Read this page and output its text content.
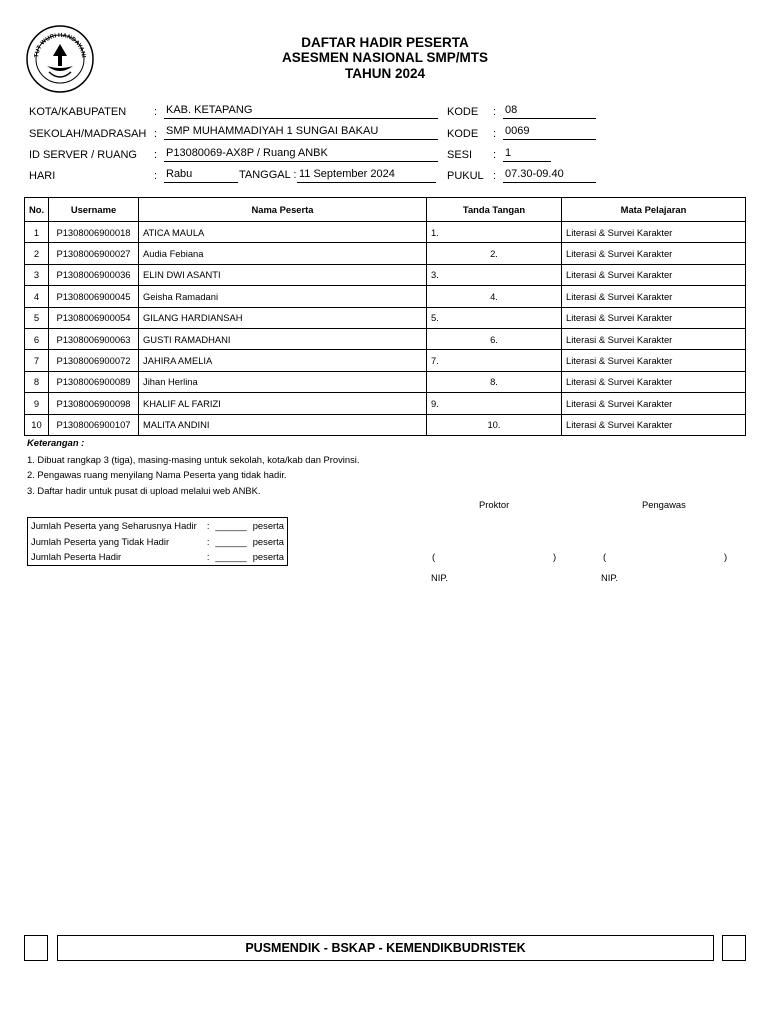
TUT WURI HANDAYANI
DAFTAR HADIR PESERTA
ASESMEN NASIONAL SMP/MTS
TAHUN 2024
KOTA/KABUPATEN	: KAB. KETAPANG
SEKOLAH/MADRASAH : SMP MUHAMMADIYAH 1 SUNGAI BAKAU
ID SERVER / RUANG : P13080069-AX8P / Ruang ANBK
HARI	: Rabu	TANGGAL : 11 September 2024
KODE : 08
KODE : 0069
SESI : 1
PUKUL : 07.30-09.40
No.	Username	Nama Peserta	Tanda Tangan	Mata Pelajaran
1	P1308006900018	ATICA MAULA	1.	Literasi & Survei Karakter
2	P1308006900027	Audia Febiana	2.	Literasi & Survei Karakter
3	P1308006900036	ELIN DWI ASANTI	3.	Literasi & Survei Karakter
4	P1308006900045	Geisha Ramadani	4.	Literasi & Survei Karakter
5	P1308006900054	GILANG HARDIANSAH	5.	Literasi & Survei Karakter
6	P1308006900063	GUSTI RAMADHANI	6.	Literasi & Survei Karakter
7	P1308006900072	JAHIRA AMELIA	7.	Literasi & Survei Karakter
8	P1308006900089	Jihan Herlina	8.	Literasi & Survei Karakter
9	P1308006900098	KHALIF AL FARIZI	9.	Literasi & Survei Karakter
10	P1308006900107	MALITA ANDINI	10.	Literasi & Survei Karakter
Keterangan :
1. Dibuat rangkap 3 (tiga), masing-masing untuk sekolah, kota/kab dan Provinsi.
2. Pengawas ruang menyilang Nama Peserta yang tidak hadir.
3. Daftar hadir untuk pusat di upload melalui web ANBK.
Jumlah Peserta yang Seharusnya Hadir	:	______	peserta
Jumlah Peserta yang Tidak Hadir	:	______	peserta
Jumlah Peserta Hadir	:	______	peserta
Proktor	Pengawas
(	)	(	)
NIP.	NIP.
PUSMENDIK - BSKAP - KEMENDIKBUDRISTEK
